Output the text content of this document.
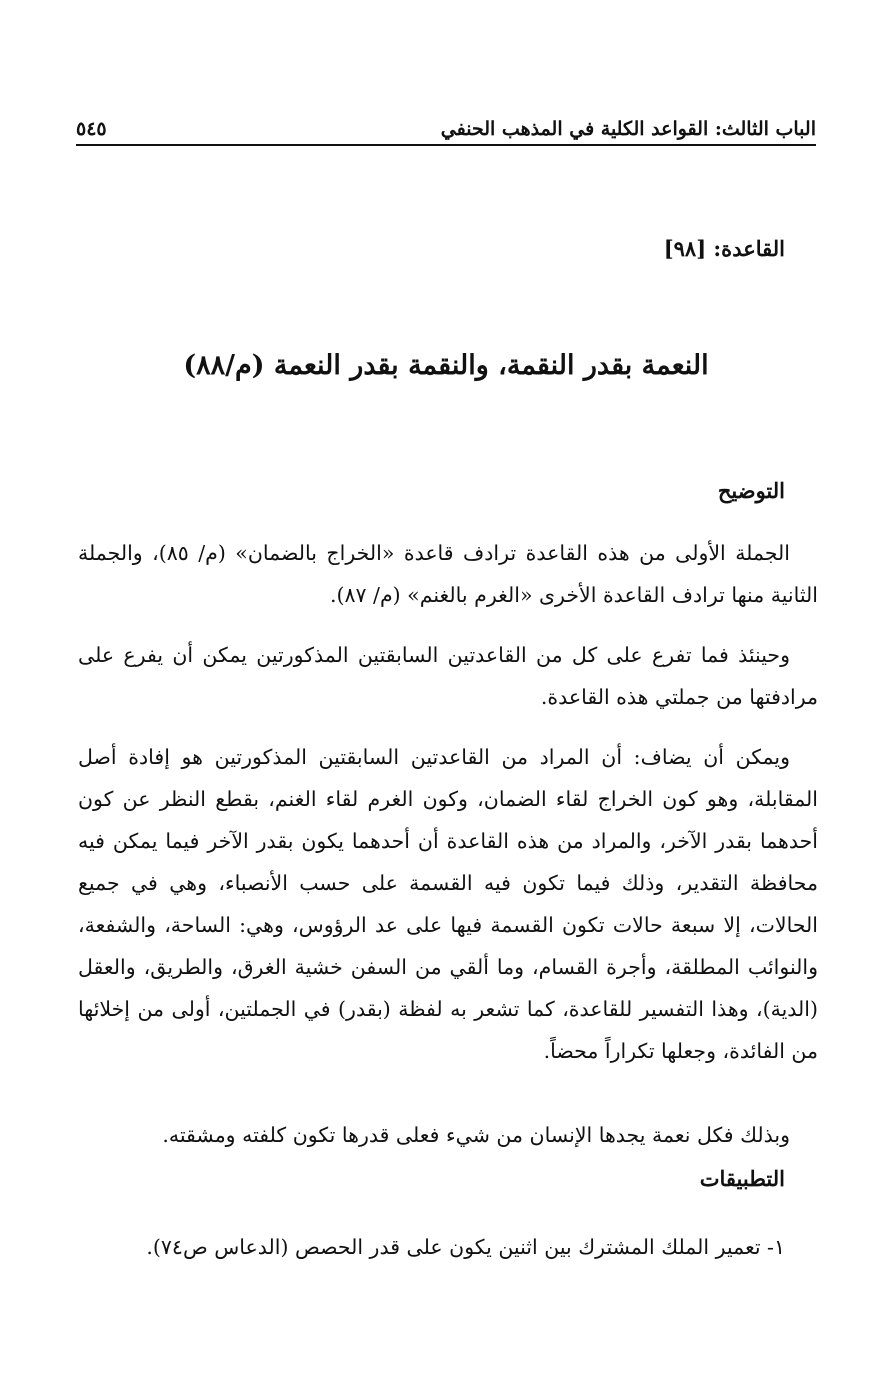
الباب الثالث: القواعد الكلية في المذهب الحنفي
٥٤٥
القاعدة: [٩٨]
النعمة بقدر النقمة، والنقمة بقدر النعمة (م/٨٨)
التوضيح

الجملة الأولى من هذه القاعدة ترادف قاعدة «الخراج بالضمان» (م/ ٨٥)، والجملة الثانية منها ترادف القاعدة الأخرى «الغرم بالغنم» (م/ ٨٧).

وحينئذ فما تفرع على كل من القاعدتين السابقتين المذكورتين يمكن أن يفرع على مرادفتها من جملتي هذه القاعدة.

ويمكن أن يضاف: أن المراد من القاعدتين السابقتين المذكورتين هو إفادة أصل المقابلة، وهو كون الخراج لقاء الضمان، وكون الغرم لقاء الغنم، بقطع النظر عن كون أحدهما بقدر الآخر، والمراد من هذه القاعدة أن أحدهما يكون بقدر الآخر فيما يمكن فيه محافظة التقدير، وذلك فيما تكون فيه القسمة على حسب الأنصباء، وهي في جميع الحالات، إلا سبعة حالات تكون القسمة فيها على عد الرؤوس، وهي: الساحة، والشفعة، والنوائب المطلقة، وأجرة القسام، وما ألقي من السفن خشية الغرق، والطريق، والعقل (الدية)، وهذا التفسير للقاعدة، كما تشعر به لفظة (بقدر) في الجملتين، أولى من إخلائها من الفائدة، وجعلها تكراراً محضاً.

وبذلك فكل نعمة يجدها الإنسان من شيء فعلى قدرها تكون كلفته ومشقته.

التطبيقات
١- تعمير الملك المشترك بين اثنين يكون على قدر الحصص (الدعاس ص٧٤).
